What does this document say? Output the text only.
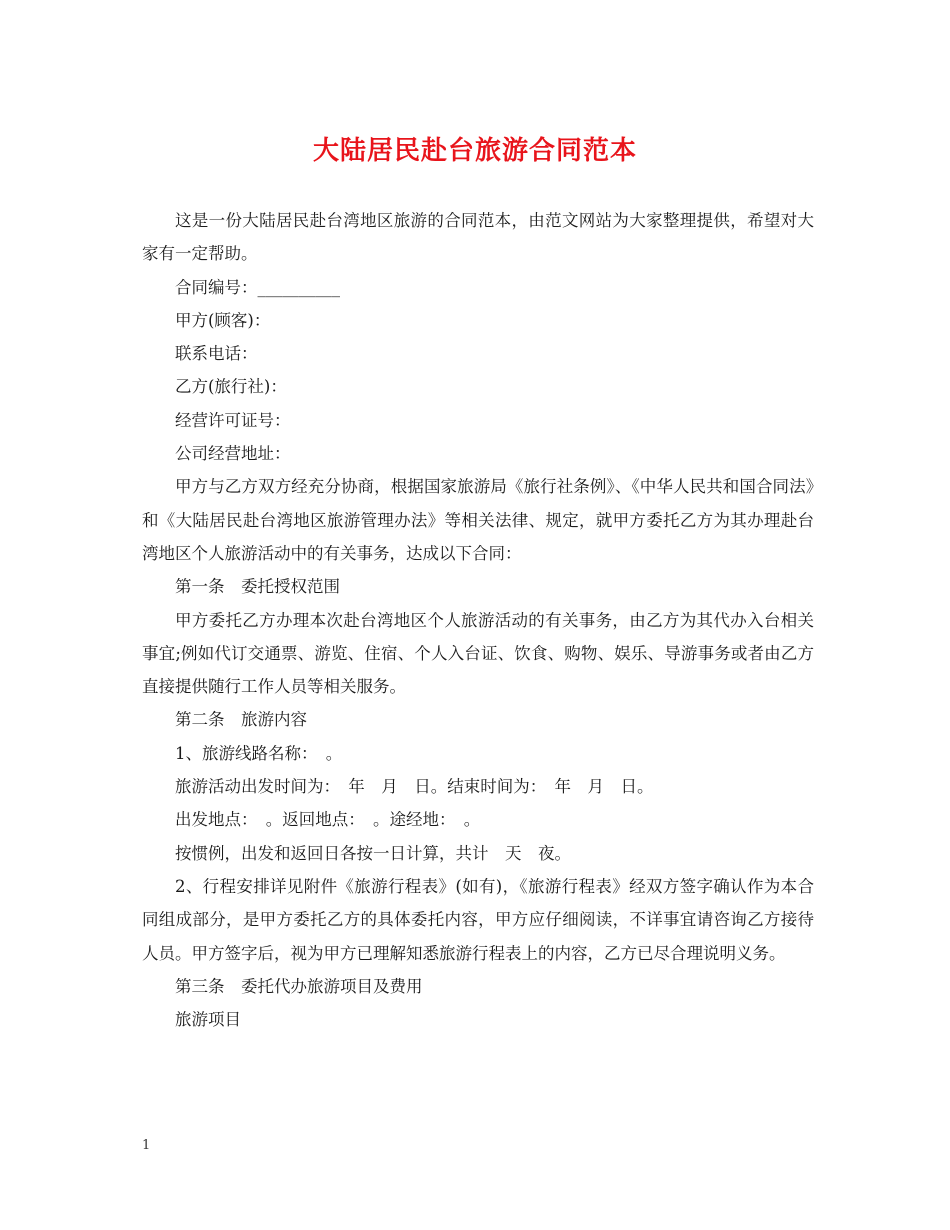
大陆居民赴台旅游合同范本

这是一份大陆居民赴台湾地区旅游的合同范本，由范文网站为大家整理提供，希望对大家有一定帮助。

合同编号：__________

甲方(顾客)：

联系电话：

乙方(旅行社)：

经营许可证号：

公司经营地址：

甲方与乙方双方经充分协商，根据国家旅游局《旅行社条例》、《中华人民共和国合同法》和《大陆居民赴台湾地区旅游管理办法》等相关法律、规定，就甲方委托乙方为其办理赴台湾地区个人旅游活动中的有关事务，达成以下合同：

第一条　委托授权范围

甲方委托乙方办理本次赴台湾地区个人旅游活动的有关事务，由乙方为其代办入台相关事宜;例如代订交通票、游览、住宿、个人入台证、饮食、购物、娱乐、导游事务或者由乙方直接提供随行工作人员等相关服务。

第二条　旅游内容

1、旅游线路名称：　。

旅游活动出发时间为：　年　月　日。结束时间为：　年　月　日。

出发地点：　。返回地点：　。途经地：　。

按惯例，出发和返回日各按一日计算，共计　天　夜。

2、行程安排详见附件《旅游行程表》(如有)，《旅游行程表》经双方签字确认作为本合同组成部分，是甲方委托乙方的具体委托内容，甲方应仔细阅读，不详事宜请咨询乙方接待人员。甲方签字后，视为甲方已理解知悉旅游行程表上的内容，乙方已尽合理说明义务。

第三条　委托代办旅游项目及费用

旅游项目

1
